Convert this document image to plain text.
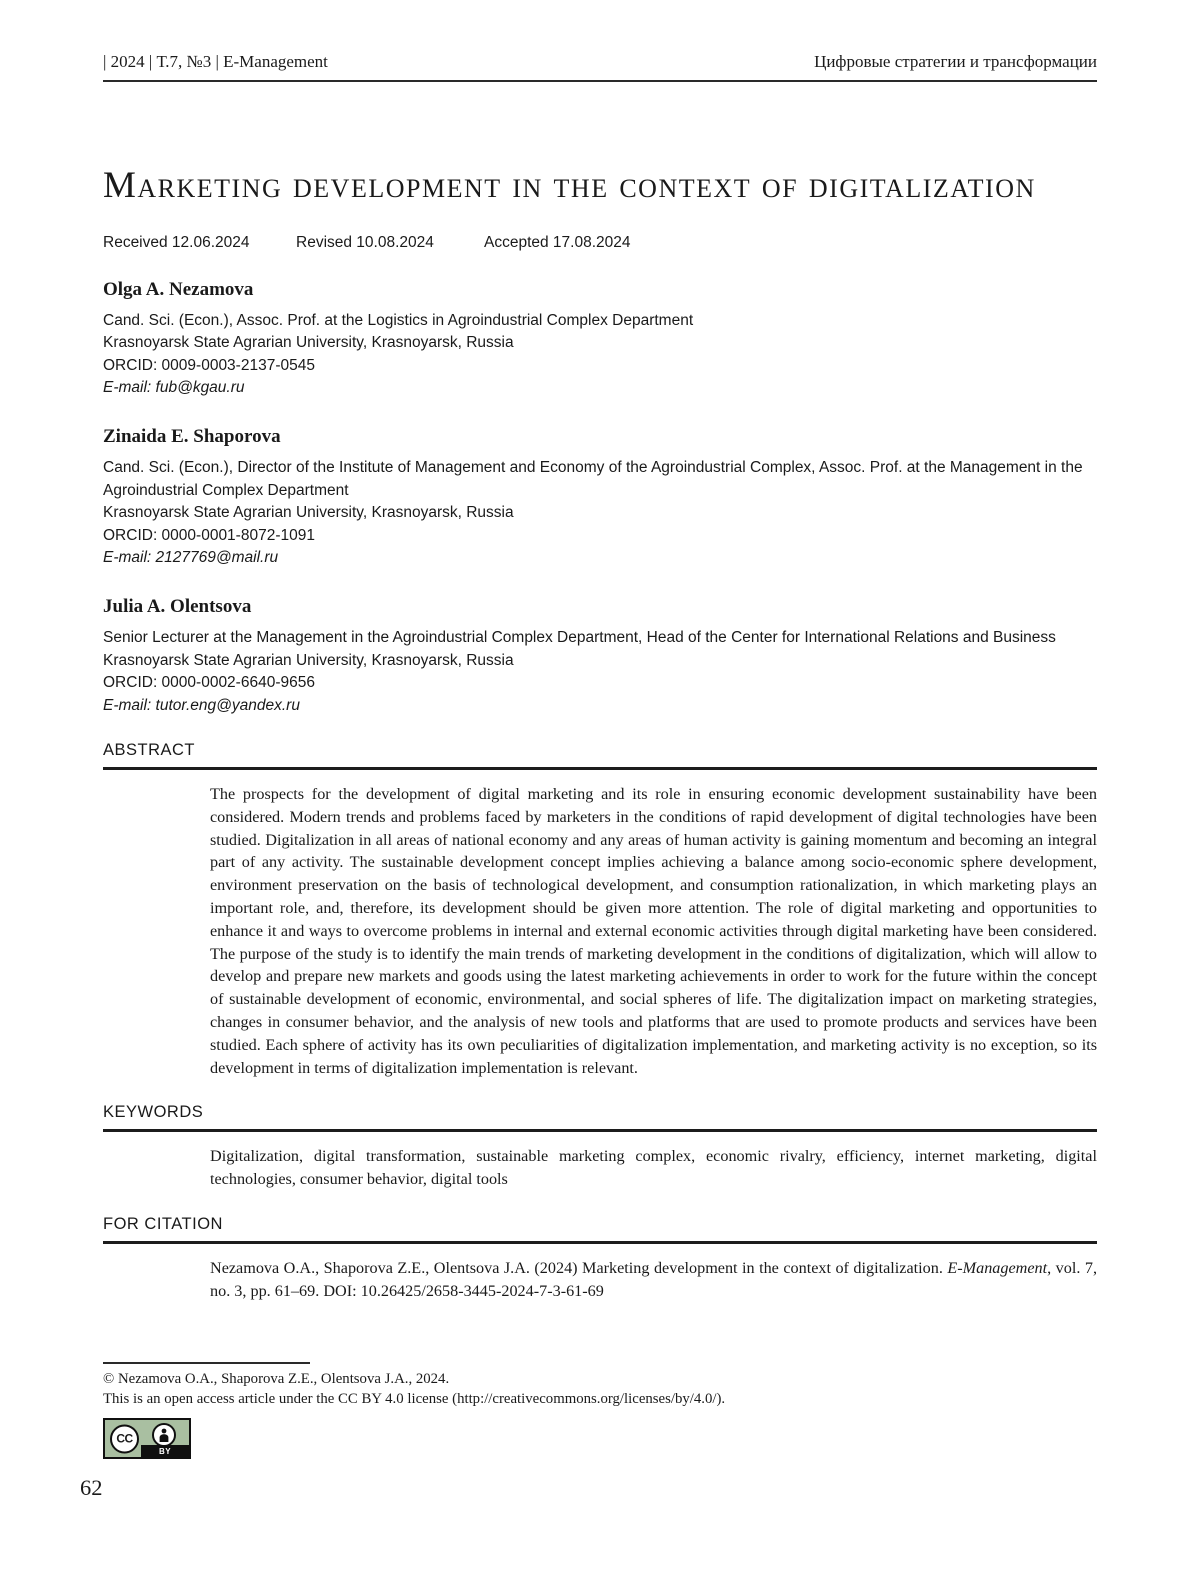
| 2024 | Т.7, №3 | E-Management	Цифровые стратегии и трансформации
Marketing development in the context of digitalization
Received 12.06.2024	Revised 10.08.2024	Accepted 17.08.2024
Olga A. Nezamova
Cand. Sci. (Econ.), Assoc. Prof. at the Logistics in Agroindustrial Complex Department
Krasnoyarsk State Agrarian University, Krasnoyarsk, Russia
ORCID: 0009-0003-2137-0545
E-mail: fub@kgau.ru
Zinaida E. Shaporova
Cand. Sci. (Econ.), Director of the Institute of Management and Economy of the Agroindustrial Complex, Assoc. Prof. at the Management in the Agroindustrial Complex Department
Krasnoyarsk State Agrarian University, Krasnoyarsk, Russia
ORCID: 0000-0001-8072-1091
E-mail: 2127769@mail.ru
Julia A. Olentsova
Senior Lecturer at the Management in the Agroindustrial Complex Department, Head of the Center for International Relations and Business
Krasnoyarsk State Agrarian University, Krasnoyarsk, Russia
ORCID: 0000-0002-6640-9656
E-mail: tutor.eng@yandex.ru
ABSTRACT
The prospects for the development of digital marketing and its role in ensuring economic development sustainability have been considered. Modern trends and problems faced by marketers in the conditions of rapid development of digital technologies have been studied. Digitalization in all areas of national economy and any areas of human activity is gaining momentum and becoming an integral part of any activity. The sustainable development concept implies achieving a balance among socio-economic sphere development, environment preservation on the basis of technological development, and consumption rationalization, in which marketing plays an important role, and, therefore, its development should be given more attention. The role of digital marketing and opportunities to enhance it and ways to overcome problems in internal and external economic activities through digital marketing have been considered. The purpose of the study is to identify the main trends of marketing development in the conditions of digitalization, which will allow to develop and prepare new markets and goods using the latest marketing achievements in order to work for the future within the concept of sustainable development of economic, environmental, and social spheres of life. The digitalization impact on marketing strategies, changes in consumer behavior, and the analysis of new tools and platforms that are used to promote products and services have been studied. Each sphere of activity has its own peculiarities of digitalization implementation, and marketing activity is no exception, so its development in terms of digitalization implementation is relevant.
KEYWORDS
Digitalization, digital transformation, sustainable marketing complex, economic rivalry, efficiency, internet marketing, digital technologies, consumer behavior, digital tools
FOR CITATION
Nezamova O.A., Shaporova Z.E., Olentsova J.A. (2024) Marketing development in the context of digitalization. E-Management, vol. 7, no. 3, pp. 61–69. DOI: 10.26425/2658-3445-2024-7-3-61-69
© Nezamova O.A., Shaporova Z.E., Olentsova J.A., 2024.
This is an open access article under the CC BY 4.0 license (http://creativecommons.org/licenses/by/4.0/).
CC
BY
62
